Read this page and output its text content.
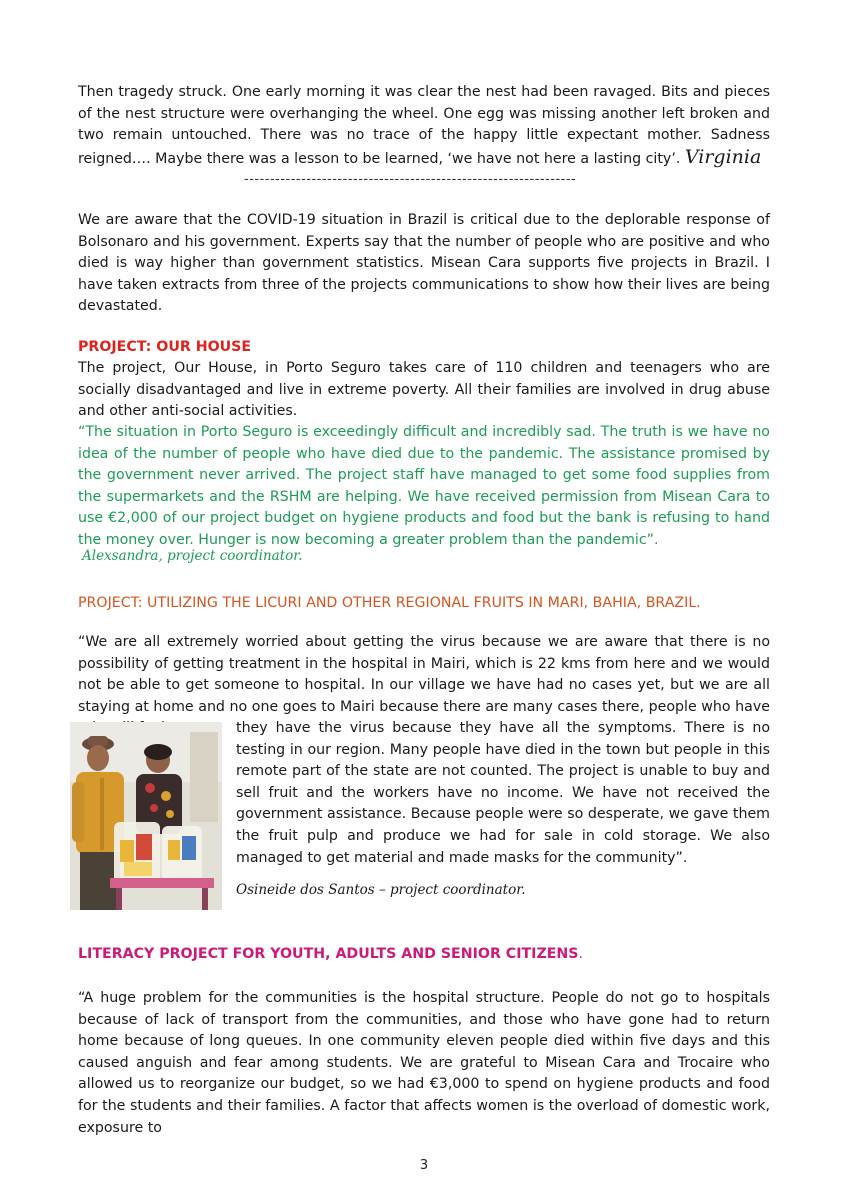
Then tragedy struck. One early morning it was clear the nest had been ravaged. Bits and pieces of the nest structure were overhanging the wheel. One egg was missing another left broken and two remain untouched. There was no trace of the happy little expectant mother. Sadness reigned…. Maybe there was a lesson to be learned, ‘we have not here a lasting city’. Virginia

----------------------------------------------------------------

We are aware that the COVID-19 situation in Brazil is critical due to the deplorable response of Bolsonaro and his government. Experts say that the number of people who are positive and who died is way higher than government statistics. Misean Cara supports five projects in Brazil. I have taken extracts from three of the projects communications to show how their lives are being devastated.

PROJECT: OUR HOUSE

The project, Our House, in Porto Seguro takes care of 110 children and teenagers who are socially disadvantaged and live in extreme poverty. All their families are involved in drug abuse and other anti-social activities.

“The situation in Porto Seguro is exceedingly difficult and incredibly sad. The truth is we have no idea of the number of people who have died due to the pandemic. The assistance promised by the government never arrived. The project staff have managed to get some food supplies from the supermarkets and the RSHM are helping. We have received permission from Misean Cara to use €2,000 of our project budget on hygiene products and food but the bank is refusing to hand the money over. Hunger is now becoming a greater problem than the pandemic”.

Alexsandra, project coordinator.
PROJECT: UTILIZING THE LICURI AND OTHER REGIONAL FRUITS IN MARI, BAHIA, BRAZIL.

“We are all extremely worried about getting the virus because we are aware that there is no possibility of getting treatment in the hospital in Mairi, which is 22 kms from here and we would not be able to get someone to hospital. In our village we have had no cases yet, but we are all staying at home and no one goes to Mairi because there are many cases there, people who have

they have the virus because they have all the symptoms. There is no testing in our region. Many people have died in the town but people in this remote part of the state are not counted. The project is unable to buy and sell fruit and the workers have no income. We have not received the government assistance. Because people were so desperate, we gave them the fruit pulp and produce we had for sale in cold storage. We also managed to get material and made masks for the community”.

Osineide dos Santos – project coordinator.
LITERACY PROJECT FOR YOUTH, ADULTS AND SENIOR CITIZENS.

“A huge problem for the communities is the hospital structure. People do not go to hospitals because of lack of transport from the communities, and those who have gone had to return home because of long queues. In one community eleven people died within five days and this caused anguish and fear among students. We are grateful to Misean Cara and Trocaire who allowed us to reorganize our budget, so we had €3,000 to spend on hygiene products and food for the students and their families. A factor that affects women is the overload of domestic work, exposure to

3
